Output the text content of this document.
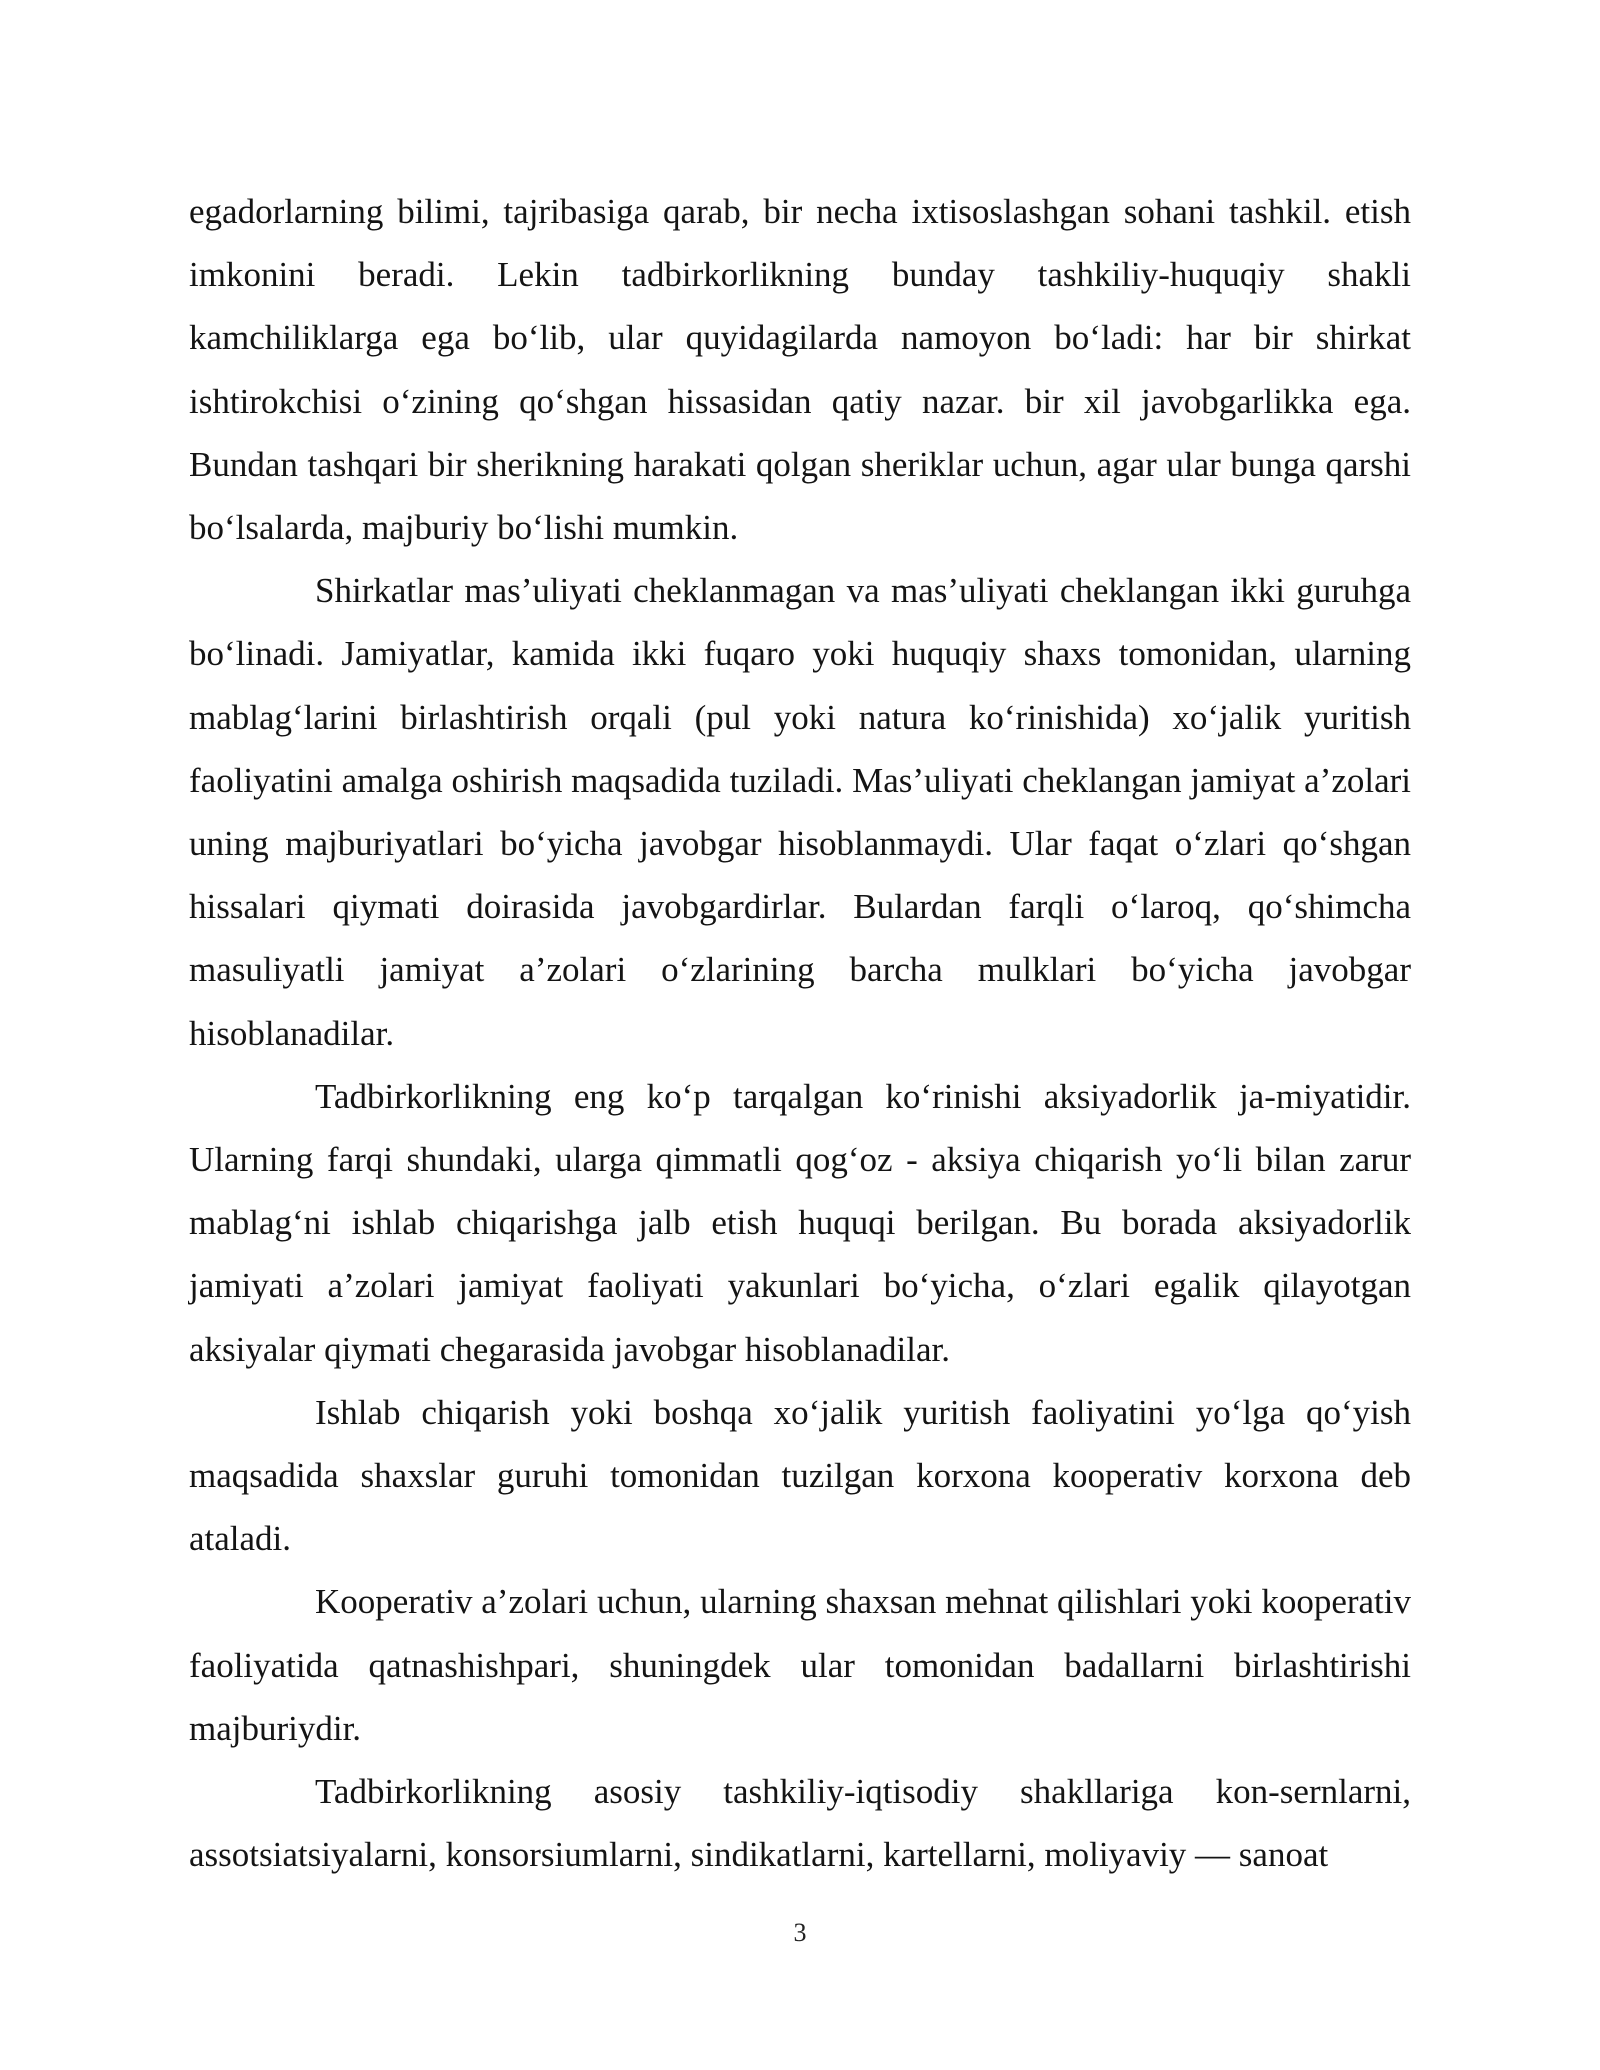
egadorlarning bilimi, tajribasiga qarab, bir necha ixtisoslashgan sohani tashkil. etish imkonini beradi. Lekin tadbirkorlikning bunday tashkiliy-huquqiy shakli kamchiliklarga ega bo‘lib, ular quyidagilarda namoyon bo‘ladi: har bir shirkat ishtirokchisi o‘zining qo‘shgan hissasidan qatiy nazar. bir xil javobgarlikka ega. Bundan tashqari bir sherikning harakati qolgan sheriklar uchun, agar ular bunga qarshi bo‘lsalarda, majburiy bo‘lishi mumkin.

Shirkatlar mas’uliyati cheklanmagan va mas’uliyati cheklangan ikki guruhga bo‘linadi. Jamiyatlar, kamida ikki fuqaro yoki huquqiy shaxs tomonidan, ularning mablag‘larini birlashtirish orqali (pul yoki natura ko‘rinishida) xo‘jalik yuritish faoliyatini amalga oshirish maqsadida tuziladi. Mas’uliyati cheklangan jamiyat a’zolari uning majburiyatlari bo‘yicha javobgar hisoblanmaydi. Ular faqat o‘zlari qo‘shgan hissalari qiymati doirasida javobgardirlar. Bulardan farqli o‘laroq, qo‘shimcha masuliyatli jamiyat a’zolari o‘zlarining barcha mulklari bo‘yicha javobgar hisoblanadilar.

Tadbirkorlikning eng ko‘p tarqalgan ko‘rinishi aksiyadorlik ja-miyatidir. Ularning farqi shundaki, ularga qimmatli qog‘oz - aksiya chiqarish yo‘li bilan zarur mablag‘ni ishlab chiqarishga jalb etish huquqi berilgan. Bu borada aksiyadorlik jamiyati a’zolari jamiyat faoliyati yakunlari bo‘yicha, o‘zlari egalik qilayotgan aksiyalar qiymati chegarasida javobgar hisoblanadilar.

Ishlab chiqarish yoki boshqa xo‘jalik yuritish faoliyatini yo‘lga qo‘yish maqsadida shaxslar guruhi tomonidan tuzilgan korxona kooperativ korxona deb ataladi.

Kooperativ a’zolari uchun, ularning shaxsan mehnat qilishlari yoki kooperativ faoliyatida qatnashishpari, shuningdek ular tomonidan badallarni birlashtirishi majburiydir.

Tadbirkorlikning asosiy tashkiliy-iqtisodiy shakllariga kon-sernlarni, assotsiatsiyalarni, konsorsiumlarni, sindikatlarni, kartellarni, moliyaviy — sanoat

3
